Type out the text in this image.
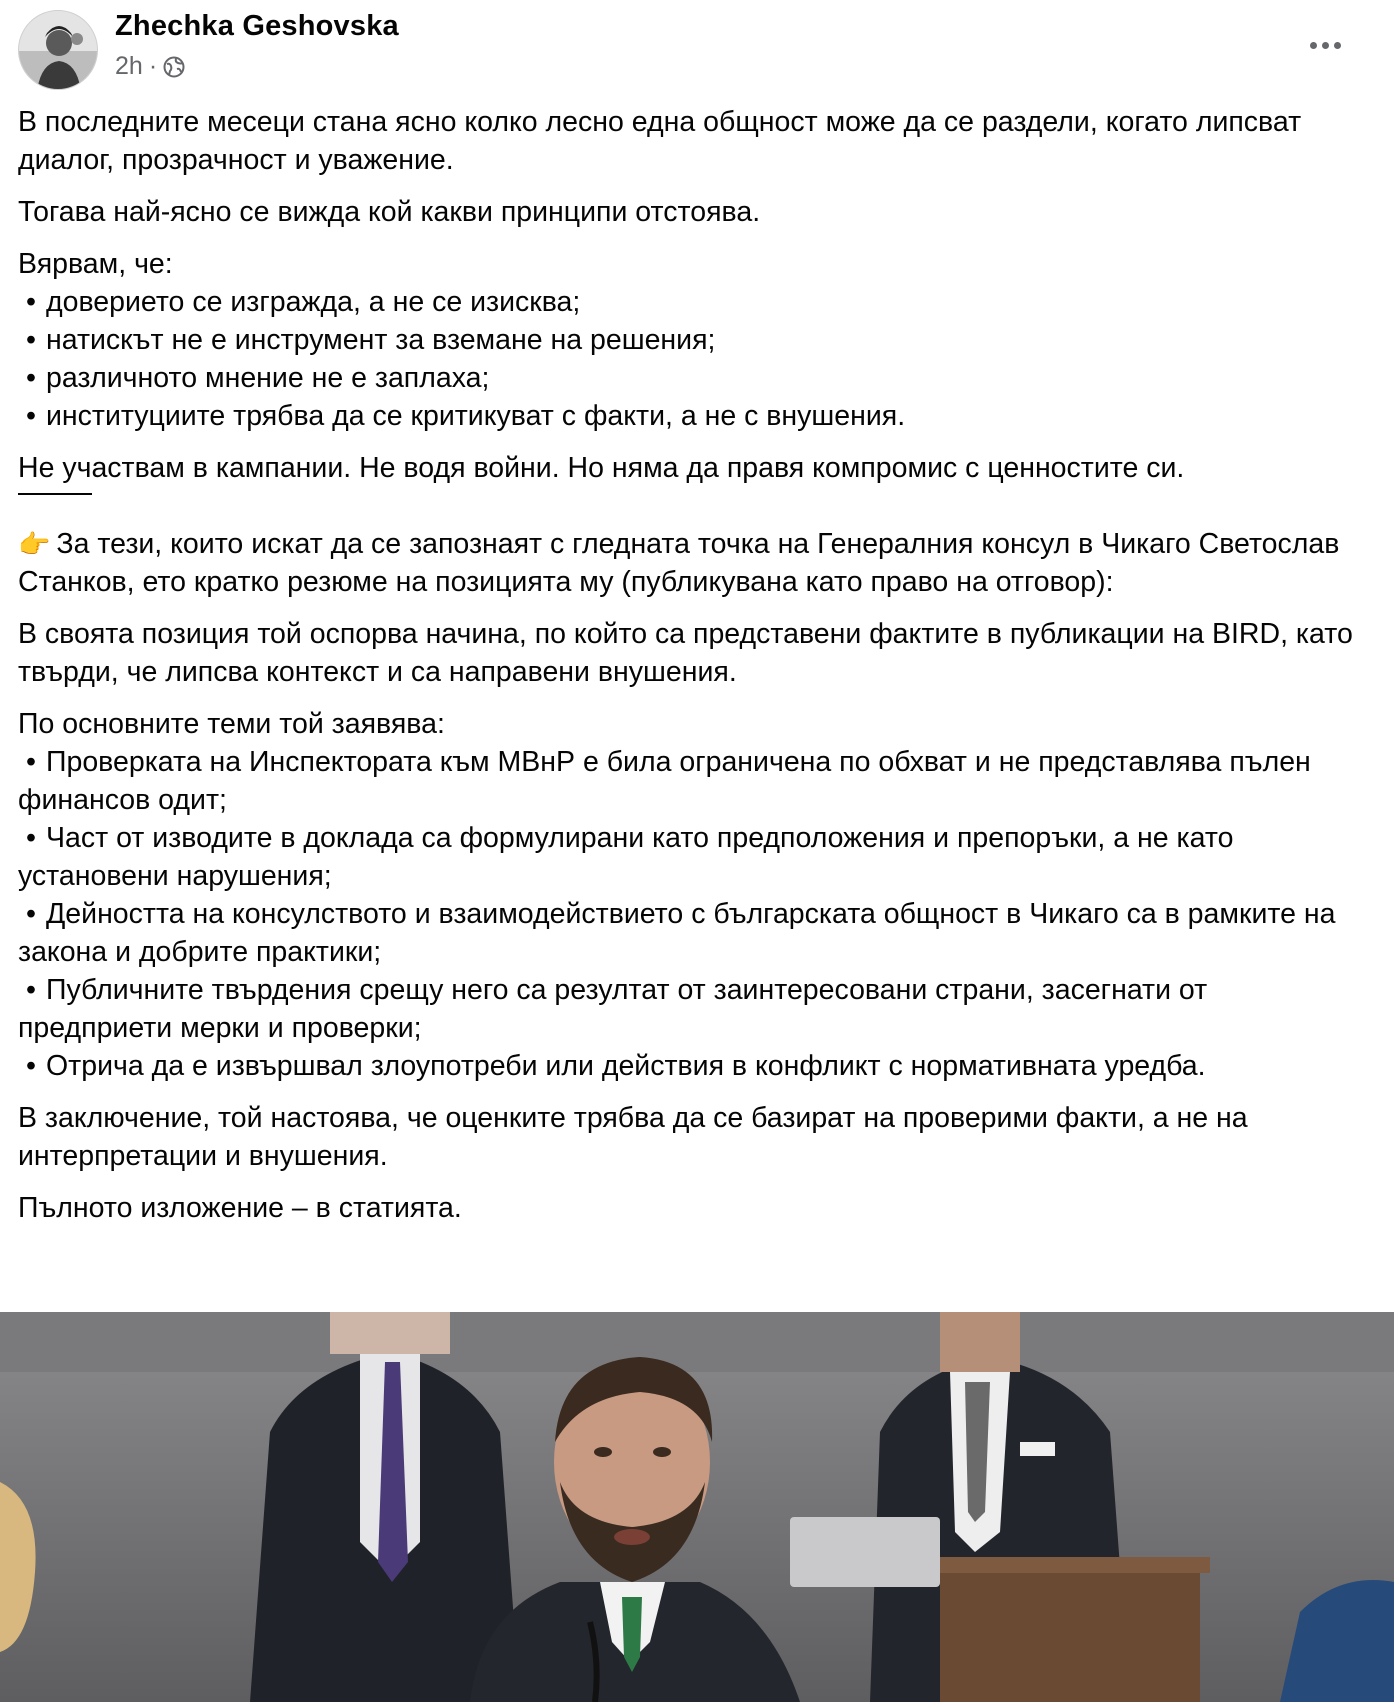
Zhechka Geshovska
2h ·

В последните месеци стана ясно колко лесно една общност може да се раздели, когато липсват диалог, прозрачност и уважение.

Тогава най-ясно се вижда кой какви принципи отстоява.

Вярвам, че:

• доверието се изгражда, а не се изисква;
• натискът не е инструмент за вземане на решения;
• различното мнение не е заплаха;
• институциите трябва да се критикуват с факти, а не с внушения.

Не участвам в кампании. Не водя войни. Но няма да правя компромис с ценностите си.

👉 За тези, които искат да се запознаят с гледната точка на Генералния консул в Чикаго Светослав Станков, ето кратко резюме на позицията му (публикувана като право на отговор):

В своята позиция той оспорва начина, по който са представени фактите в публикации на BIRD, като твърди, че липсва контекст и са направени внушения.

По основните теми той заявява:

• Проверката на Инспектората към МВнР е била ограничена по обхват и не представлява пълен финансов одит;
• Част от изводите в доклада са формулирани като предположения и препоръки, а не като установени нарушения;
• Дейността на консулството и взаимодействието с българската общност в Чикаго са в рамките на закона и добрите практики;
• Публичните твърдения срещу него са резултат от заинтересовани страни, засегнати от предприети мерки и проверки;
• Отрича да е извършвал злоупотреби или действия в конфликт с нормативната уредба.

В заключение, той настоява, че оценките трябва да се базират на проверими факти, а не на интерпретации и внушения.

Пълното изложение – в статията.
